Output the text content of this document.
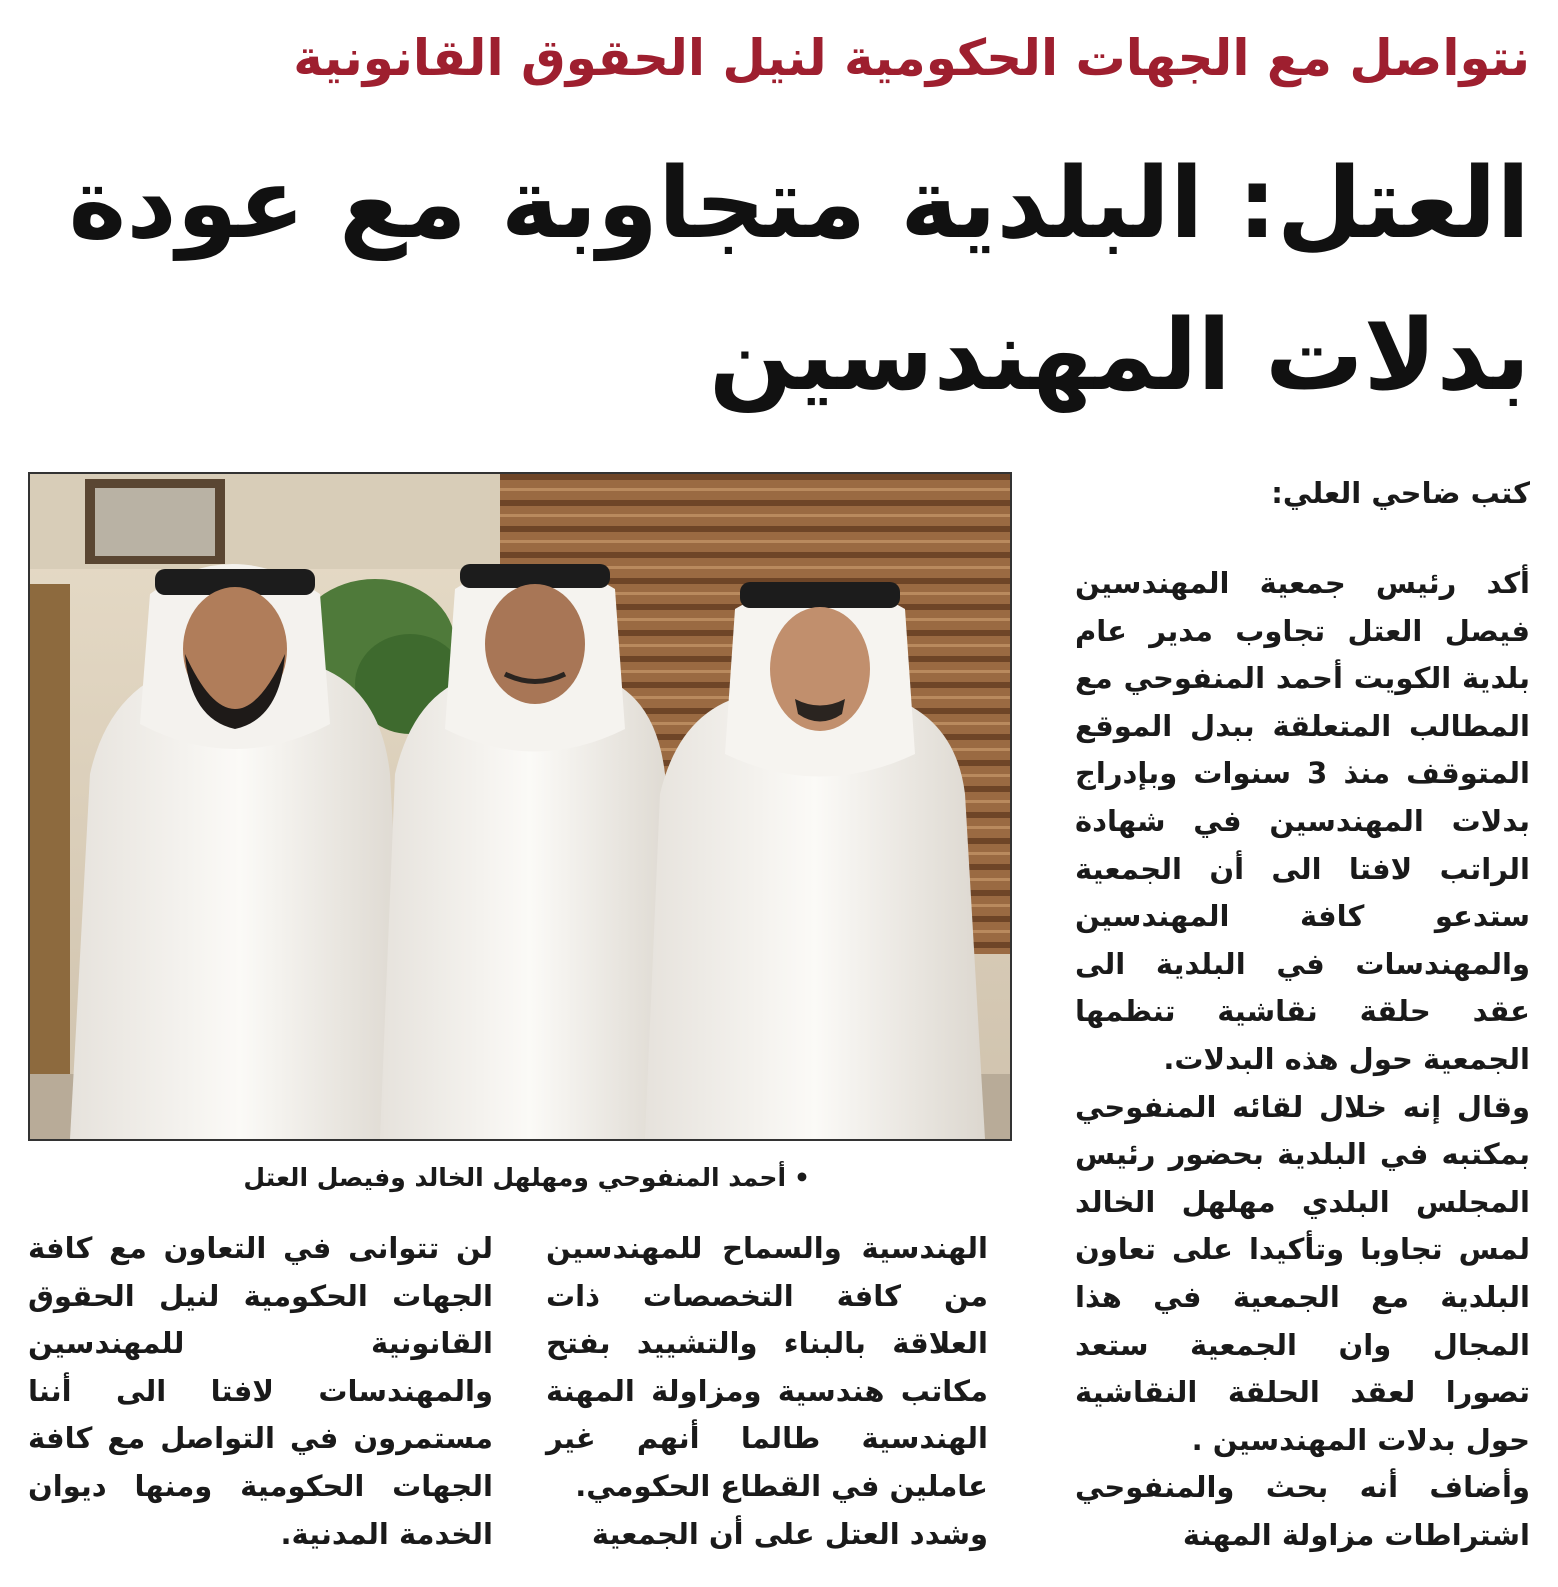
نتواصل مع الجهات الحكومية لنيل الحقوق القانونية
العتل: البلدية متجاوبة مع عودة بدلات المهندسين
كتب ضاحي العلي:
•أحمد المنفوحي ومهلهل الخالد وفيصل العتل

أكد رئيس جمعية المهندسين فيصل العتل تجاوب مدير عام بلدية الكويت أحمد المنفوحي مع المطالب المتعلقة ببدل الموقع المتوقف منذ 3 سنوات وبإدراج بدلات المهندسين في شهادة الراتب لافتا الى أن الجمعية ستدعو كافة المهندسين والمهندسات في البلدية الى عقد حلقة نقاشية تنظمها الجمعية حول هذه البدلات.

وقال إنه خلال لقائه المنفوحي بمكتبه في البلدية بحضور رئيس المجلس البلدي مهلهل الخالد لمس تجاوبا وتأكيدا على تعاون البلدية مع الجمعية في هذا المجال وان الجمعية ستعد تصورا لعقد الحلقة النقاشية حول بدلات المهندسين .

وأضاف أنه بحث والمنفوحي اشتراطات مزاولة المهنة

الهندسية والسماح للمهندسين من كافة التخصصات ذات العلاقة بالبناء والتشييد بفتح مكاتب هندسية ومزاولة المهنة الهندسية طالما أنهم غير عاملين في القطاع الحكومي.

وشدد العتل على أن الجمعية

لن تتوانى في التعاون مع كافة الجهات الحكومية لنيل الحقوق القانونية للمهندسين والمهندسات لافتا الى أننا مستمرون في التواصل مع كافة الجهات الحكومية ومنها ديوان الخدمة المدنية.
